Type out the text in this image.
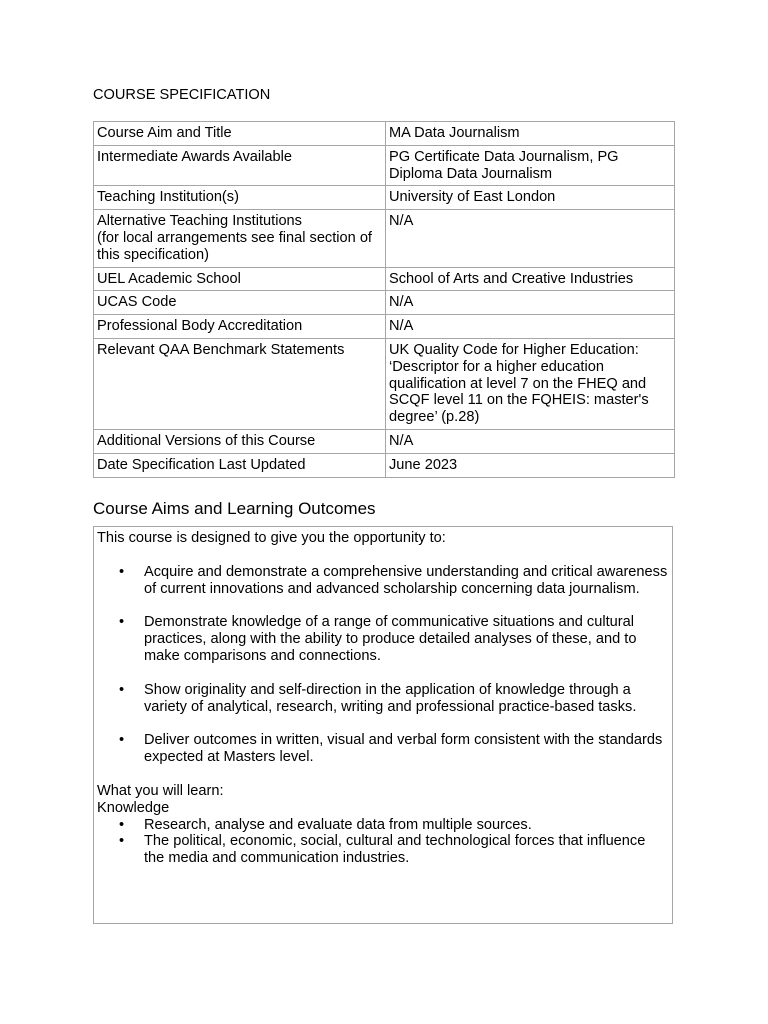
COURSE SPECIFICATION
Course Aim and Title	MA Data Journalism
Intermediate Awards Available	PG Certificate Data Journalism, PG Diploma Data Journalism
Teaching Institution(s)	University of East London
Alternative Teaching Institutions
(for local arrangements see final section of this specification)	N/A
UEL Academic School	School of Arts and Creative Industries
UCAS Code	N/A
Professional Body Accreditation	N/A
Relevant QAA Benchmark Statements	UK Quality Code for Higher Education: ‘Descriptor for a higher education qualification at level 7 on the FHEQ and SCQF level 11 on the FQHEIS: master's degree’ (p.28)
Additional Versions of this Course	N/A
Date Specification Last Updated	June 2023
Course Aims and Learning Outcomes

This course is designed to give you the opportunity to:

• Acquire and demonstrate a comprehensive understanding and critical awareness of current innovations and advanced scholarship concerning data journalism.
• Demonstrate knowledge of a range of communicative situations and cultural practices, along with the ability to produce detailed analyses of these, and to make comparisons and connections.
• Show originality and self-direction in the application of knowledge through a variety of analytical, research, writing and professional practice-based tasks.
• Deliver outcomes in written, visual and verbal form consistent with the standards expected at Masters level.

What you will learn:

Knowledge

• Research, analyse and evaluate data from multiple sources.
• The political, economic, social, cultural and technological forces that influence the media and communication industries.
